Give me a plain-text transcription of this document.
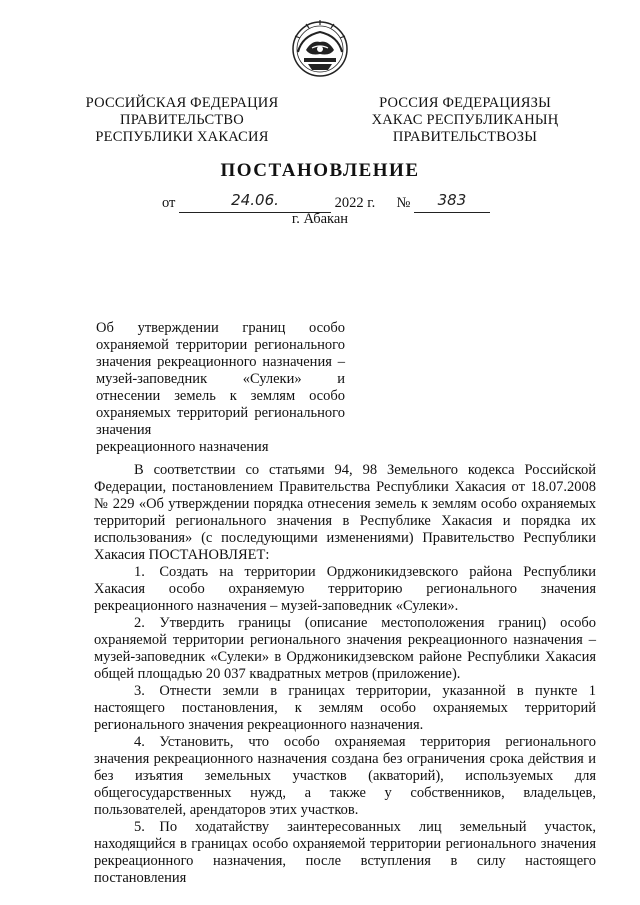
РОССИЙСКАЯ ФЕДЕРАЦИЯ
ПРАВИТЕЛЬСТВО
РЕСПУБЛИКИ ХАКАСИЯ
РОССИЯ ФЕДЕРАЦИЯЗЫ
ХАКАС РЕСПУБЛИКАНЫҢ
ПРАВИТЕЛЬСТВОЗЫ
ПОСТАНОВЛЕНИЕ
от	24.06.	2022 г. № 383
г. Абакан
Об утверждении границ особо
охраняемой территории регионального значения рекреационного назначения – музей-заповедник «Сулеки» и отнесении земель к землям особо охраняемых территорий регионального значения
рекреационного назначения

В соответствии со статьями 94, 98 Земельного кодекса Российской Федерации, постановлением Правительства Республики Хакасия от 18.07.2008 № 229 «Об утверждении порядка отнесения земель к землям особо охраняемых территорий регионального значения в Республике Хакасия и порядка их использования» (с последующими изменениями) Правительство Республики Хакасия ПОСТАНОВЛЯЕТ:

1. Создать на территории Орджоникидзевского района Республики Хакасия особо охраняемую территорию регионального значения рекреационного назначения – музей-заповедник «Сулеки».

2. Утвердить границы (описание местоположения границ) особо охраняемой территории регионального значения рекреационного назначения – музей-заповедник «Сулеки» в Орджоникидзевском районе Республики Хакасия общей площадью 20 037 квадратных метров (приложение).

3. Отнести земли в границах территории, указанной в пункте 1 настоящего постановления, к землям особо охраняемых территорий регионального значения рекреационного назначения.

4. Установить, что особо охраняемая территория регионального значения рекреационного назначения создана без ограничения срока действия и без изъятия земельных участков (акваторий), используемых для общегосударственных нужд, а также у собственников, владельцев, пользователей, арендаторов этих участков.

5. По ходатайству заинтересованных лиц земельный участок, находящийся в границах особо охраняемой территории регионального значения рекреационного назначения, после вступления в силу настоящего постановления
